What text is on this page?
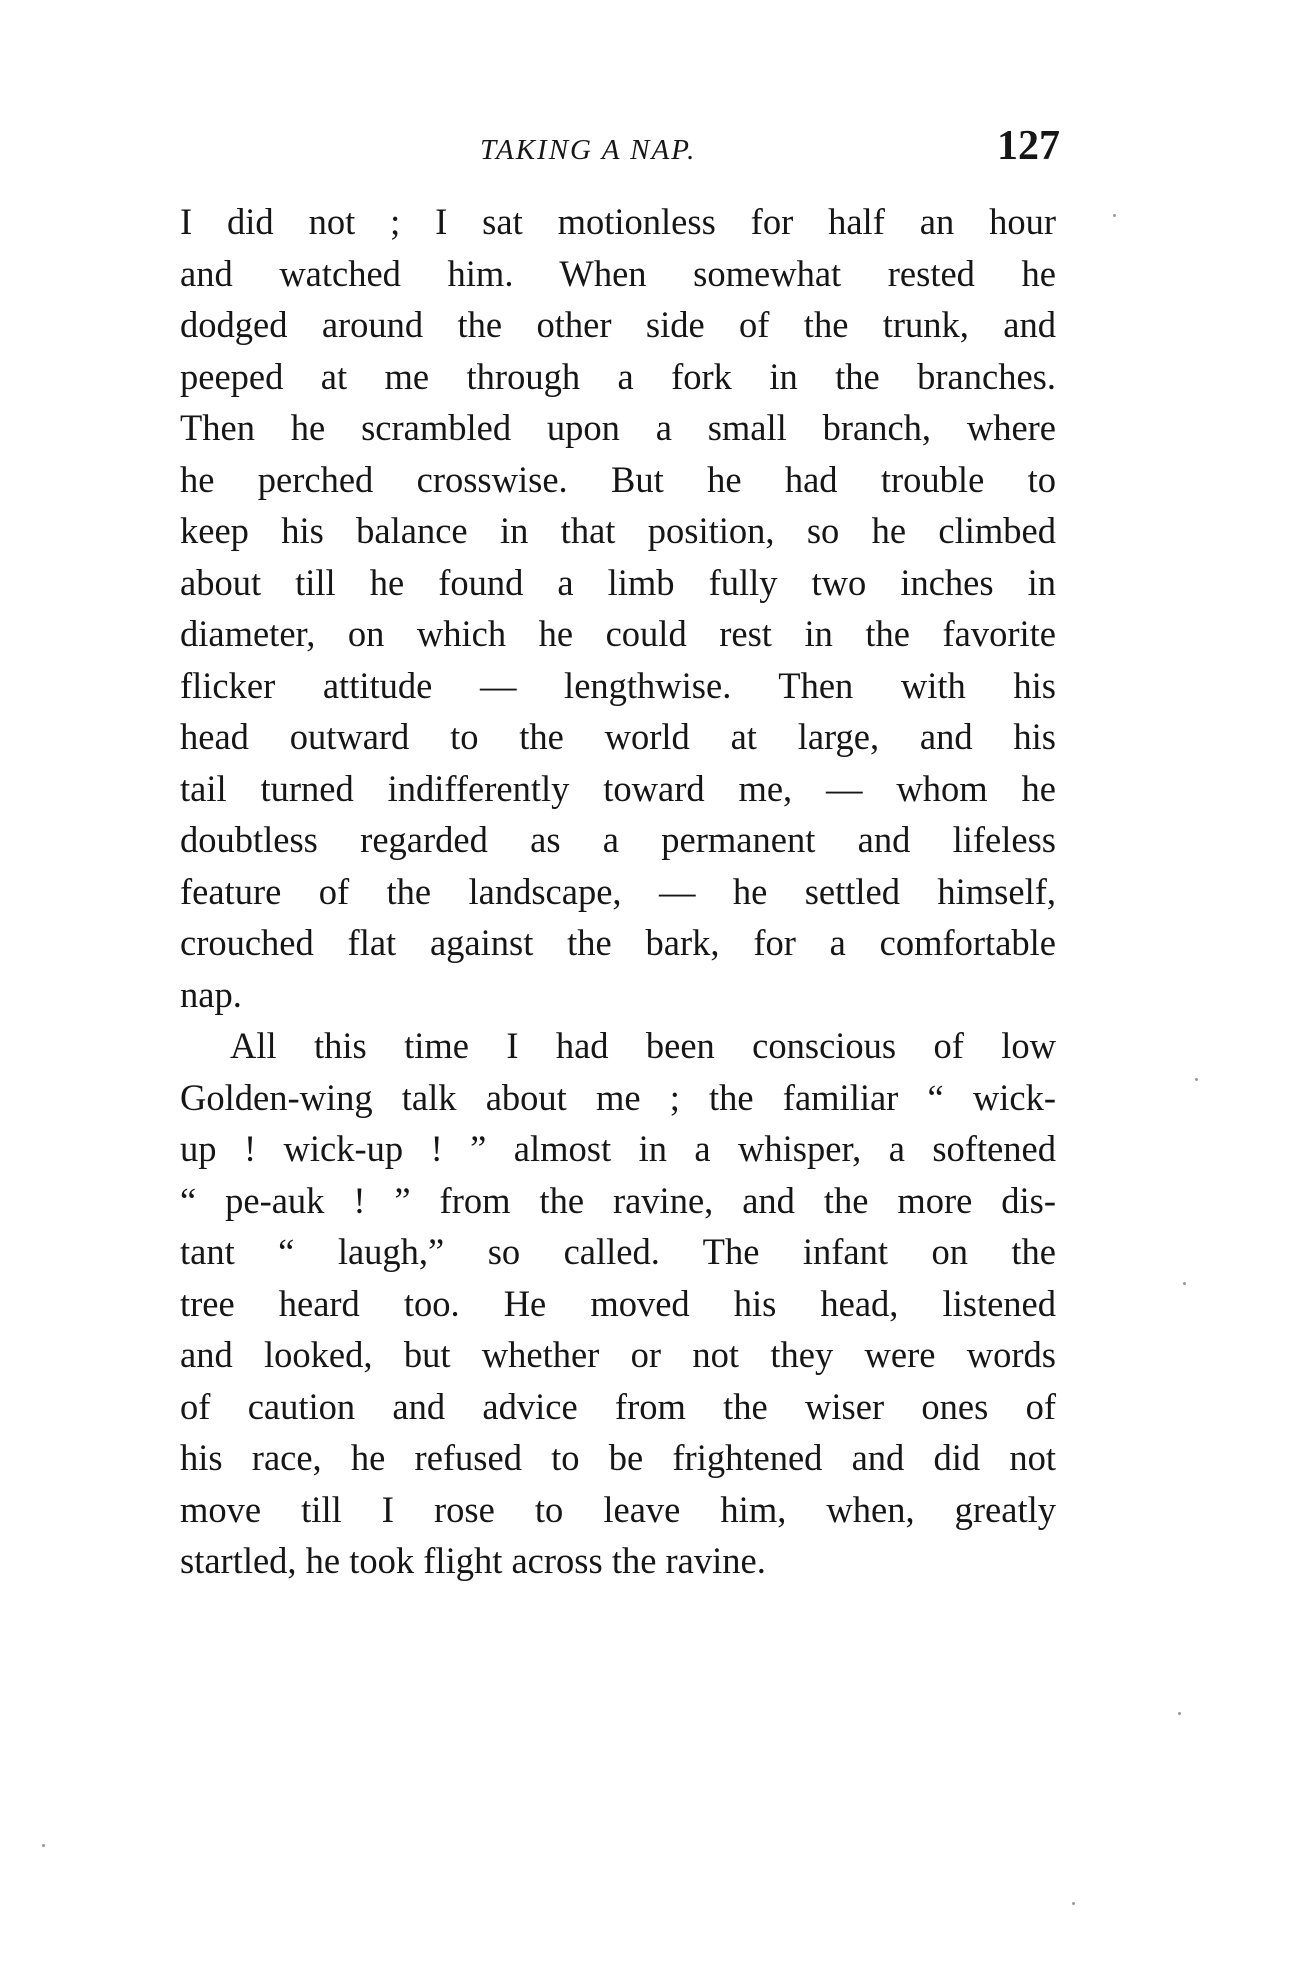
TAKING A NAP.	127
I did not ; I sat motionless for half an hour
and watched him. When somewhat rested he
dodged around the other side of the trunk, and
peeped at me through a fork in the branches.
Then he scrambled upon a small branch, where
he perched crosswise. But he had trouble to
keep his balance in that position, so he climbed
about till he found a limb fully two inches in
diameter, on which he could rest in the favorite
flicker attitude — lengthwise. Then with his
head outward to the world at large, and his
tail turned indifferently toward me, — whom he
doubtless regarded as a permanent and lifeless
feature of the landscape, — he settled himself,
crouched flat against the bark, for a comfortable
nap.
All this time I had been conscious of low
Golden-wing talk about me ; the familiar “ wick-
up ! wick-up ! ” almost in a whisper, a softened
“ pe-auk ! ” from the ravine, and the more dis-
tant “ laugh,” so called. The infant on the
tree heard too. He moved his head, listened
and looked, but whether or not they were words
of caution and advice from the wiser ones of
his race, he refused to be frightened and did not
move till I rose to leave him, when, greatly
startled, he took flight across the ravine.
